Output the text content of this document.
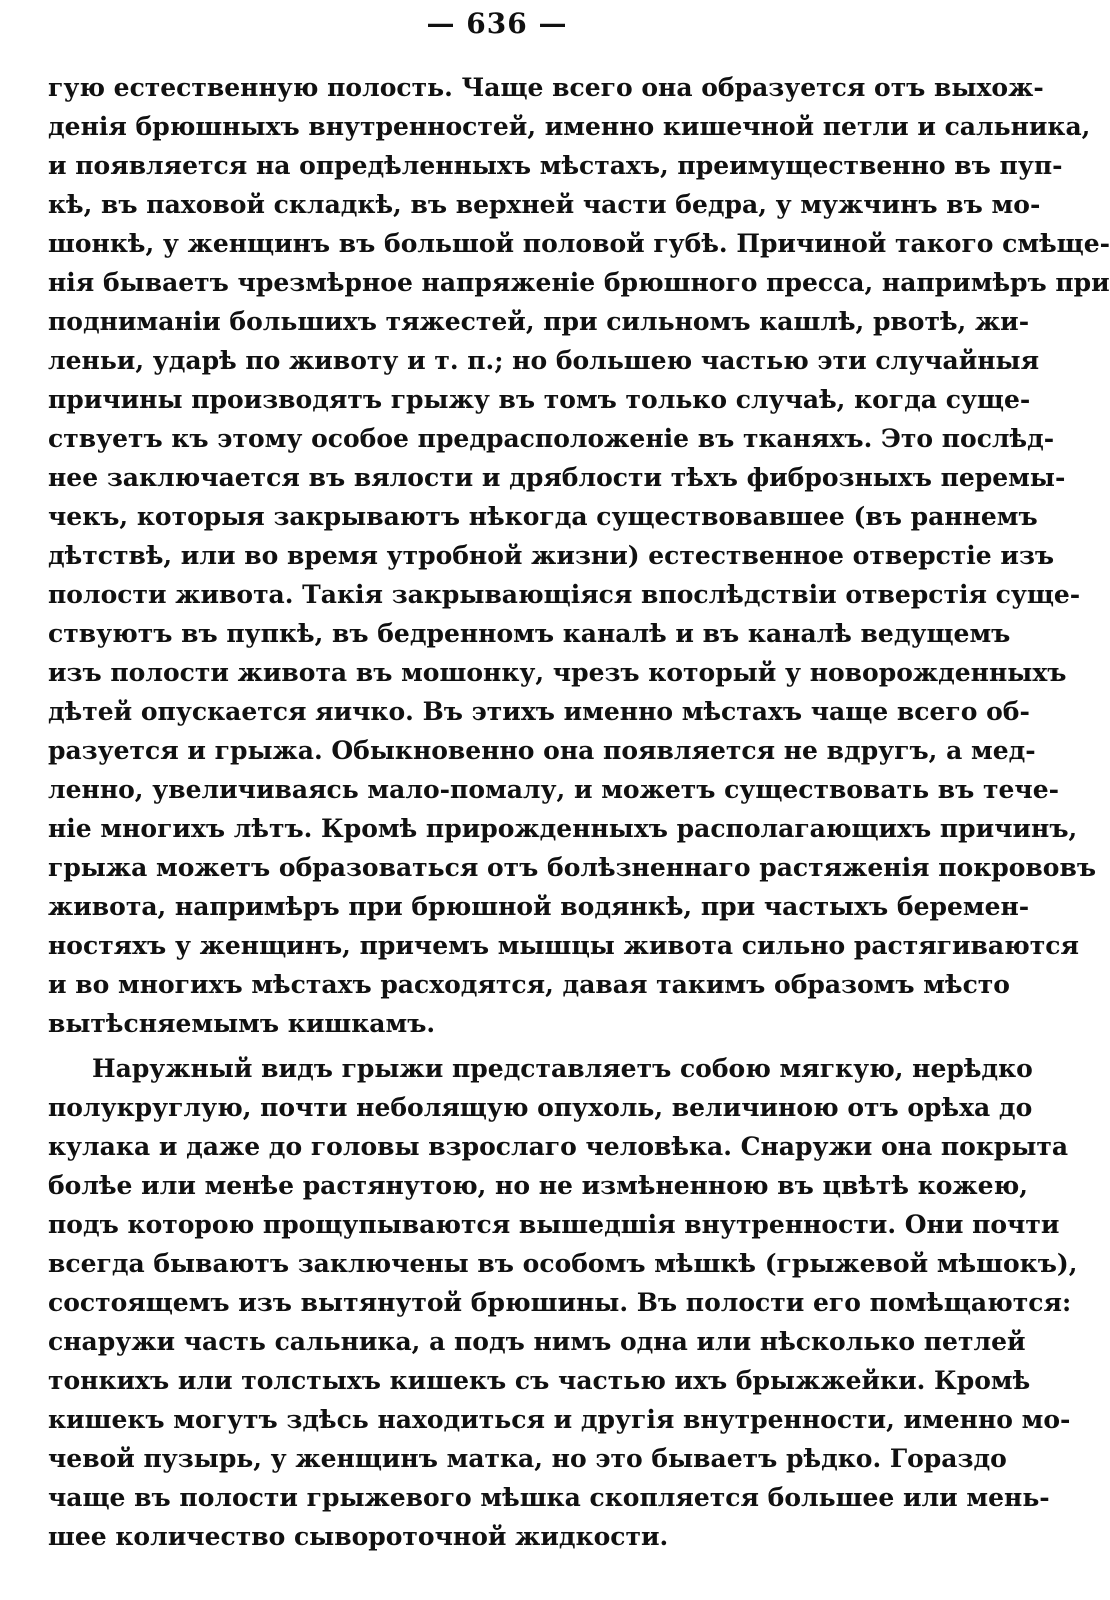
— 636 —
гую естественную полость. Чаще всего она образуется отъ выхож-
денія брюшныхъ внутренностей, именно кишечной петли и сальника,
и появляется на опредѣленныхъ мѣстахъ, преимущественно въ пуп-
кѣ, въ паховой складкѣ, въ верхней части бедра, у мужчинъ въ мо-
шонкѣ, у женщинъ въ большой половой губѣ. Причиной такого смѣще-
нія бываетъ чрезмѣрное напряженіе брюшного пресса, напримѣръ при
подниманіи большихъ тяжестей, при сильномъ кашлѣ, рвотѣ, жи-
леньи, ударѣ по животу и т. п.; но большею частью эти случайныя
причины производятъ грыжу въ томъ только случаѣ, когда суще-
ствуетъ къ этому особое предрасположеніе въ тканяхъ. Это послѣд-
нее заключается въ вялости и дряблости тѣхъ фиброзныхъ перемы-
чекъ, которыя закрываютъ нѣкогда существовавшее (въ раннемъ
дѣтствѣ, или во время утробной жизни) естественное отверстіе изъ
полости живота. Такія закрывающіяся впослѣдствіи отверстія суще-
ствуютъ въ пупкѣ, въ бедренномъ каналѣ и въ каналѣ ведущемъ
изъ полости живота въ мошонку, чрезъ который у новорожденныхъ
дѣтей опускается яичко. Въ этихъ именно мѣстахъ чаще всего об-
разуется и грыжа. Обыкновенно она появляется не вдругъ, а мед-
ленно, увеличиваясь мало-помалу, и можетъ существовать въ тече-
ніе многихъ лѣтъ. Кромѣ прирожденныхъ располагающихъ причинъ,
грыжа можетъ образоваться отъ болѣзненнаго растяженія покрововъ
живота, напримѣръ при брюшной водянкѣ, при частыхъ беремен-
ностяхъ у женщинъ, причемъ мышцы живота сильно растягиваются
и во многихъ мѣстахъ расходятся, давая такимъ образомъ мѣсто
вытѣсняемымъ кишкамъ.
Наружный видъ грыжи представляетъ собою мягкую, нерѣдко
полукруглую, почти неболящую опухоль, величиною отъ орѣха до
кулака и даже до головы взрослаго человѣка. Снаружи она покрыта
болѣе или менѣе растянутою, но не измѣненною въ цвѣтѣ кожею,
подъ которою прощупываются вышедшія внутренности. Они почти
всегда бываютъ заключены въ особомъ мѣшкѣ (грыжевой мѣшокъ),
состоящемъ изъ вытянутой брюшины. Въ полости его помѣщаются:
снаружи часть сальника, а подъ нимъ одна или нѣсколько петлей
тонкихъ или толстыхъ кишекъ съ частью ихъ брыжжейки. Кромѣ
кишекъ могутъ здѣсь находиться и другія внутренности, именно мо-
чевой пузырь, у женщинъ матка, но это бываетъ рѣдко. Гораздо
чаще въ полости грыжевого мѣшка скопляется большее или мень-
шее количество сывороточной жидкости.
